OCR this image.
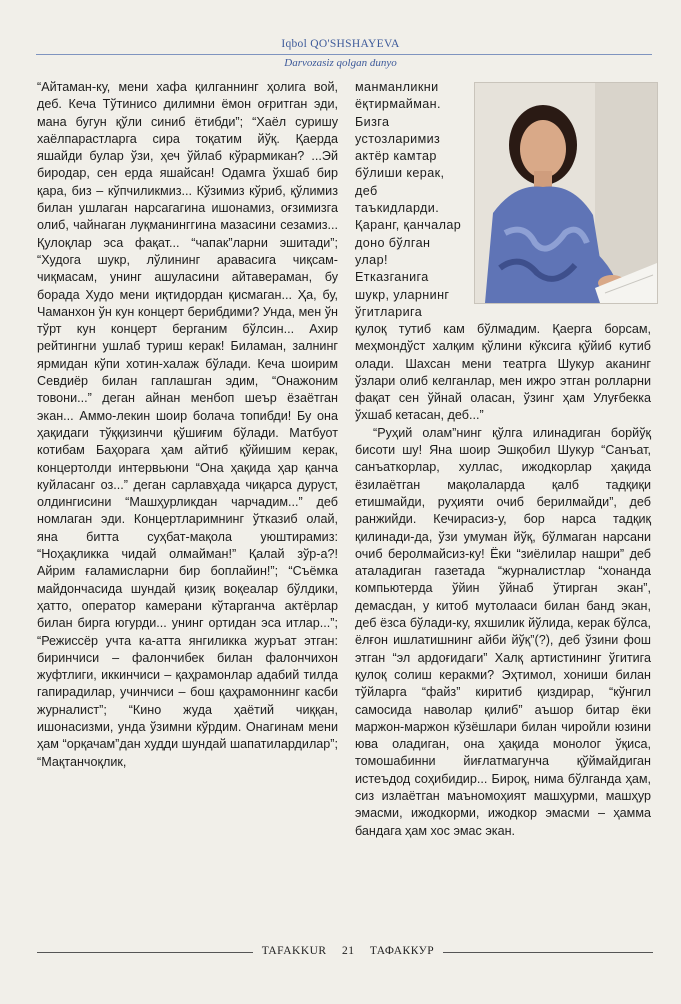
Iqbol QO'SHSHAYEVA
Darvozasiz qolgan dunyo

“Айтаман-ку, мени хафа қилганнинг ҳолига вой, деб. Кеча Тўтинисо дилимни ёмон оғритган эди, мана бугун қўли синиб ётибди”; “Хаёл суришу хаёлпарастларга сира тоқатим йўқ. Қаерда яшайди булар ўзи, ҳеч ўйлаб кўрармикан? ...Эй биродар, сен ерда яшайсан! Одамга ўхшаб бир қара, биз – кўпчиликмиз... Кўзимиз кўриб, қўлимиз билан ушлаган нарсагагина ишонамиз, оғзимизга олиб, чайнаган луқманинггина мазасини сезамиз... Қулоқлар эса фақат... “чапак”ларни эшитади”; “Худога шукр, лўлининг аравасига чиқсам-чиқмасам, унинг ашуласини айтавераман, бу борада Худо мени иқтидордан қисмаган... Ҳа, бу, Чаманхон ўн кун концерт берибдими? Унда, мен ўн тўрт кун концерт берганим бўлсин... Ахир рейтингни ушлаб туриш керак! Биламан, залнинг ярмидан кўпи хотин-халаж бўлади. Кеча шоирим Севдиёр билан гаплашган эдим, “Онажоним товони...” деган айнан менбоп шеър ёзаётган экан... Аммо-лекин шоир болача топибди! Бу она ҳақидаги тўққизинчи қўшиғим бўлади. Матбуот котибам Баҳорага ҳам айтиб қўйишим керак, концертолди интервьюни “Она ҳақида ҳар қанча куйласанг оз...” деган сарлавҳада чиқарса дуруст, олдингисини “Машҳурликдан чарчадим...” деб номлаган эди. Концертларимнинг ўтказиб олай, яна битта суҳбат-мақола уюштирамиз: “Ноҳақликка чидай олмайман!” Қалай зўр-а?! Айрим ғаламисларни бир боплайин!”; “Съёмка майдончасида шундай қизиқ воқеалар бўлдики, ҳатто, оператор камерани кўтарганча актёрлар билан бирга югурди... унинг ортидан эса итлар...”; “Режиссёр учта ка-атта янгиликка журъат этган: биринчиси – фалончибек билан фалончихон жуфтлиги, иккинчиси – қаҳрамонлар адабий тилда гапирадилар, учинчиси – бош қаҳрамоннинг касби журналист”; “Кино жудa ҳаётий чиққан, ишонасизми, унда ўзимни кўрдим. Онагинам мени ҳам “орқачам”дан худди шундай шапатилардилар”; “Мақтанчоқлик,

манманликни ёқтирмайман. Бизга устозларимиз актёр камтар бўлиши керак, деб таъкидларди. Қаранг, қанчалар доно бўлган улар! Етказганига шукр, уларнинг ўгитларига

қулоқ тутиб кам бўлмадим. Қаерга борсам, меҳмондўст халқим қўлини кўксига қўйиб кутиб олади. Шахсан мени театрга Шукур аканинг ўзлари олиб келганлар, мен ижро этган ролларни фақат сен ўйнай оласан, ўзинг ҳам Улуғбекка ўхшаб кетасан, деб...”

“Руҳий олам”нинг қўлга илинадиган борйўқ бисоти шу! Яна шоир Эшқобил Шукур “Санъат, санъаткорлар, хуллас, ижодкорлар ҳақида ёзилаётган мақолаларда қалб тадқиқи етишмайди, руҳияти очиб берилмайди”, деб ранжийди. Кечирасиз-у, бор нарса тадқиқ қилинади-да, ўзи умуман йўқ, бўлмаган нарсани очиб беролмайсиз-ку! Ёки “зиёлилар нашри” деб аталадиган газетада “журналистлар “хонанда компьютерда ўйин ўйнаб ўтирган экан”, демасдан, у китоб мутолааси билан банд экан, деб ёзса бўлади-ку, яхшилик йўлида, керак бўлса, ёлғон ишлатишнинг айби йўқ”(?), деб ўзини фош этган “эл ардоғидаги” Халқ артистининг ўгитига қулоқ солиш керакми? Эҳтимол, хониши билан тўйларга “файз” киритиб қиздирар, “кўнгил самосида наволар қилиб” аъшор битар ёки маржон-маржон кўзёшлари билан чиройли юзини юва оладиган, она ҳақида монолог ўқиса, томошабинни йиғлатмагунча қўймайдиган истеъдод соҳибидир... Бироқ, нима бўлганда ҳам, сиз излаётган маъномоҳият машҳурми, машҳур эмасми, ижодкорми, ижодкор эмасми – ҳамма бандага ҳам хос эмас экан.

TAFAKKUR 21 ТАФАККУР
